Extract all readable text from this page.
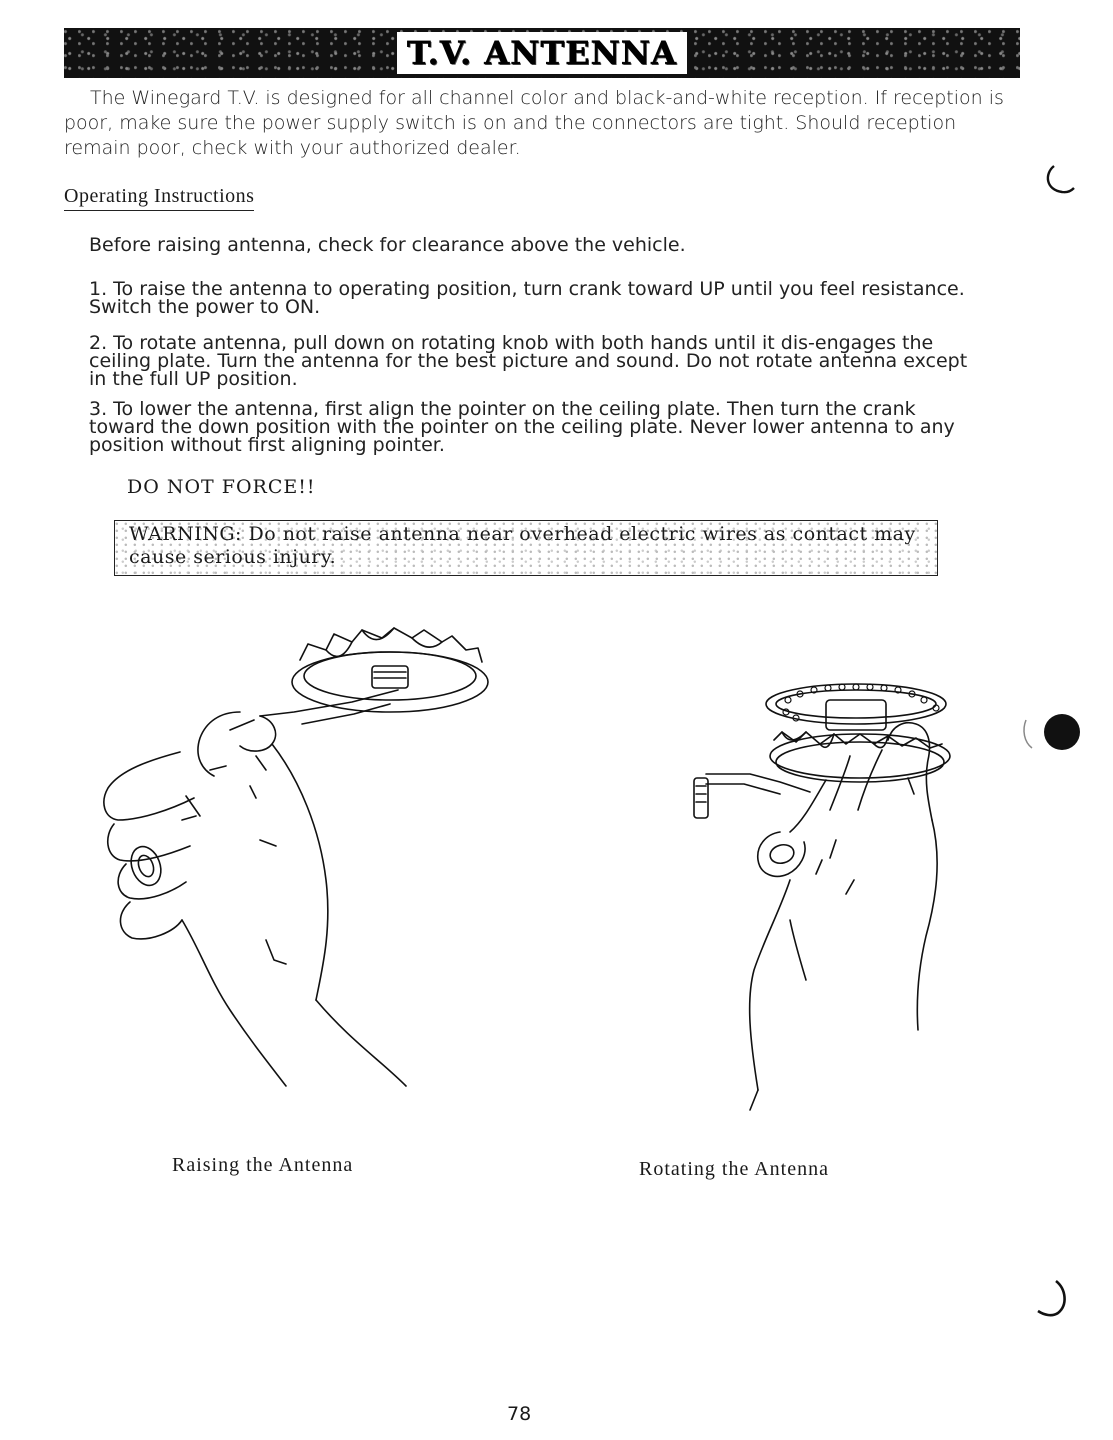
T.V. ANTENNA
The Winegard T.V. is designed for all channel color and black-and-white reception. If reception is poor, make sure the power supply switch is on and the connectors are tight. Should reception remain poor, check with your authorized dealer.
Operating Instructions
Before raising antenna, check for clearance above the vehicle.
1. To raise the antenna to operating position, turn crank toward UP until you feel resistance. Switch the power to ON.
2. To rotate antenna, pull down on rotating knob with both hands until it dis-engages the ceiling plate. Turn the antenna for the best picture and sound. Do not rotate antenna except in the full UP position.
3. To lower the antenna, first align the pointer on the ceiling plate. Then turn the crank toward the down position with the pointer on the ceiling plate. Never lower antenna to any position without first aligning pointer.
DO NOT FORCE!!
WARNING: Do not raise antenna near overhead electric wires as contact may cause serious injury.
Raising the Antenna	Rotating the Antenna
78
